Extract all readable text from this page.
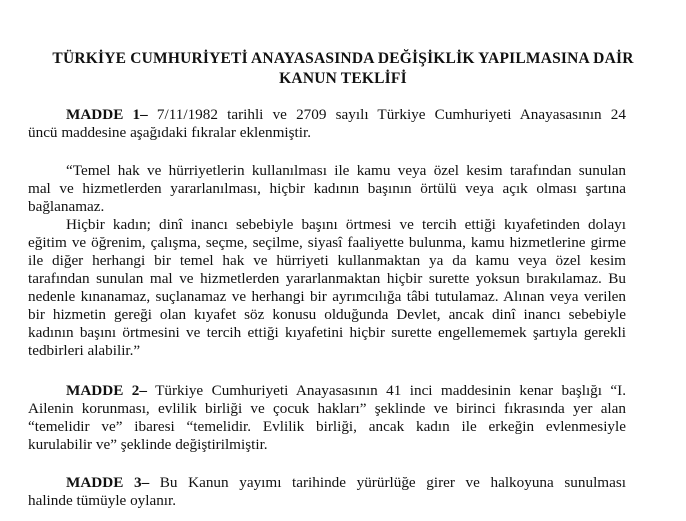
TÜRKİYE CUMHURİYETİ ANAYASASINDA DEĞİŞİKLİK YAPILMASINA DAİR
KANUN TEKLİFİ
MADDE 1– 7/11/1982 tarihli ve 2709 sayılı Türkiye Cumhuriyeti Anayasasının 24
üncü maddesine aşağıdaki fıkralar eklenmiştir.
“Temel hak ve hürriyetlerin kullanılması ile kamu veya özel kesim tarafından sunulan
mal ve hizmetlerden yararlanılması, hiçbir kadının başının örtülü veya açık olması şartına
bağlanamaz.
Hiçbir kadın; dinî inancı sebebiyle başını örtmesi ve tercih ettiği kıyafetinden dolayı
eğitim ve öğrenim, çalışma, seçme, seçilme, siyasî faaliyette bulunma, kamu hizmetlerine girme
ile diğer herhangi bir temel hak ve hürriyeti kullanmaktan ya da kamu veya özel kesim
tarafından sunulan mal ve hizmetlerden yararlanmaktan hiçbir surette yoksun bırakılamaz. Bu
nedenle kınanamaz, suçlanamaz ve herhangi bir ayrımcılığa tâbi tutulamaz. Alınan veya verilen
bir hizmetin gereği olan kıyafet söz konusu olduğunda Devlet, ancak dinî inancı sebebiyle
kadının başını örtmesini ve tercih ettiği kıyafetini hiçbir surette engellememek şartıyla gerekli
tedbirleri alabilir.”
MADDE 2– Türkiye Cumhuriyeti Anayasasının 41 inci maddesinin kenar başlığı “I.
Ailenin korunması, evlilik birliği ve çocuk hakları” şeklinde ve birinci fıkrasında yer alan
“temelidir ve” ibaresi “temelidir. Evlilik birliği, ancak kadın ile erkeğin evlenmesiyle
kurulabilir ve” şeklinde değiştirilmiştir.
MADDE 3– Bu Kanun yayımı tarihinde yürürlüğe girer ve halkoyuna sunulması
halinde tümüyle oylanır.
